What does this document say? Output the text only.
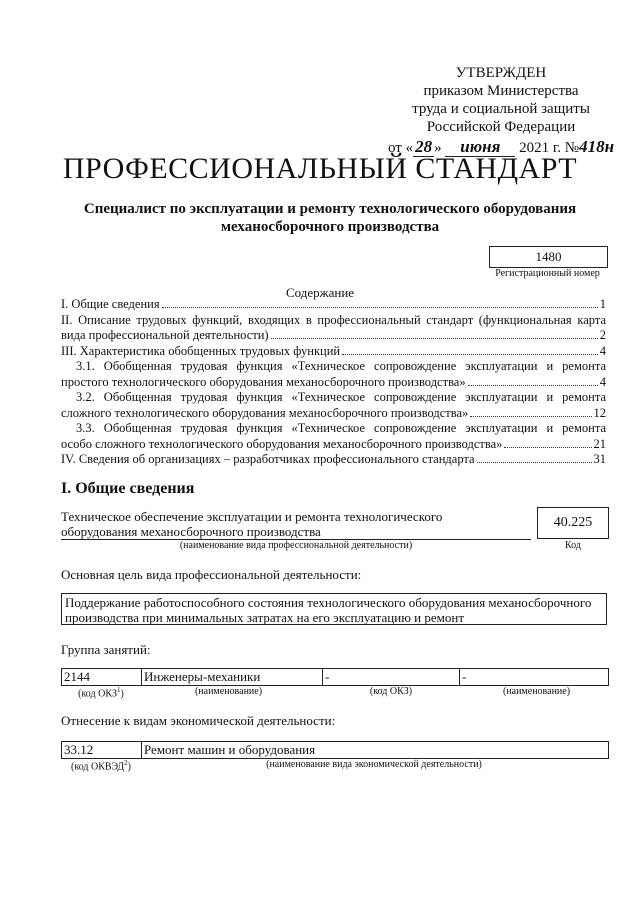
УТВЕРЖДЕН
приказом Министерства
труда и социальной защиты
Российской Федерации
от « 28 » июня 2021 г. №418н
ПРОФЕССИОНАЛЬНЫЙ СТАНДАРТ
Специалист по эксплуатации и ремонту технологического оборудования механосборочного производства
1480
Регистрационный номер
Содержание
I. Общие сведения	1
II. Описание трудовых функций, входящих в профессиональный стандарт (функциональная карта
вида профессиональной деятельности)	2
III. Характеристика обобщенных трудовых функций	4
3.1. Обобщенная трудовая функция «Техническое сопровождение эксплуатации и ремонта
простого технологического оборудования механосборочного производства»	4
3.2. Обобщенная трудовая функция «Техническое сопровождение эксплуатации и ремонта
сложного технологического оборудования механосборочного производства»	12
3.3. Обобщенная трудовая функция «Техническое сопровождение эксплуатации и ремонта
особо сложного технологического оборудования механосборочного производства»	21
IV. Сведения об организациях – разработчиках профессионального стандарта	31
I. Общие сведения
Техническое обеспечение эксплуатации и ремонта технологического оборудования механосборочного производства
(наименование вида профессиональной деятельности)
40.225
Код
Основная цель вида профессиональной деятельности:
Поддержание работоспособного состояния технологического оборудования механосборочного производства при минимальных затратах на его эксплуатацию и ремонт
Группа занятий:
2144	Инженеры-механики	-	-
(код ОКЗ$^1$)	(наименование)	(код ОКЗ)	(наименование)
Отнесение к видам экономической деятельности:
33.12	Ремонт машин и оборудования
(код ОКВЭД$^2$)	(наименование вида экономической деятельности)
